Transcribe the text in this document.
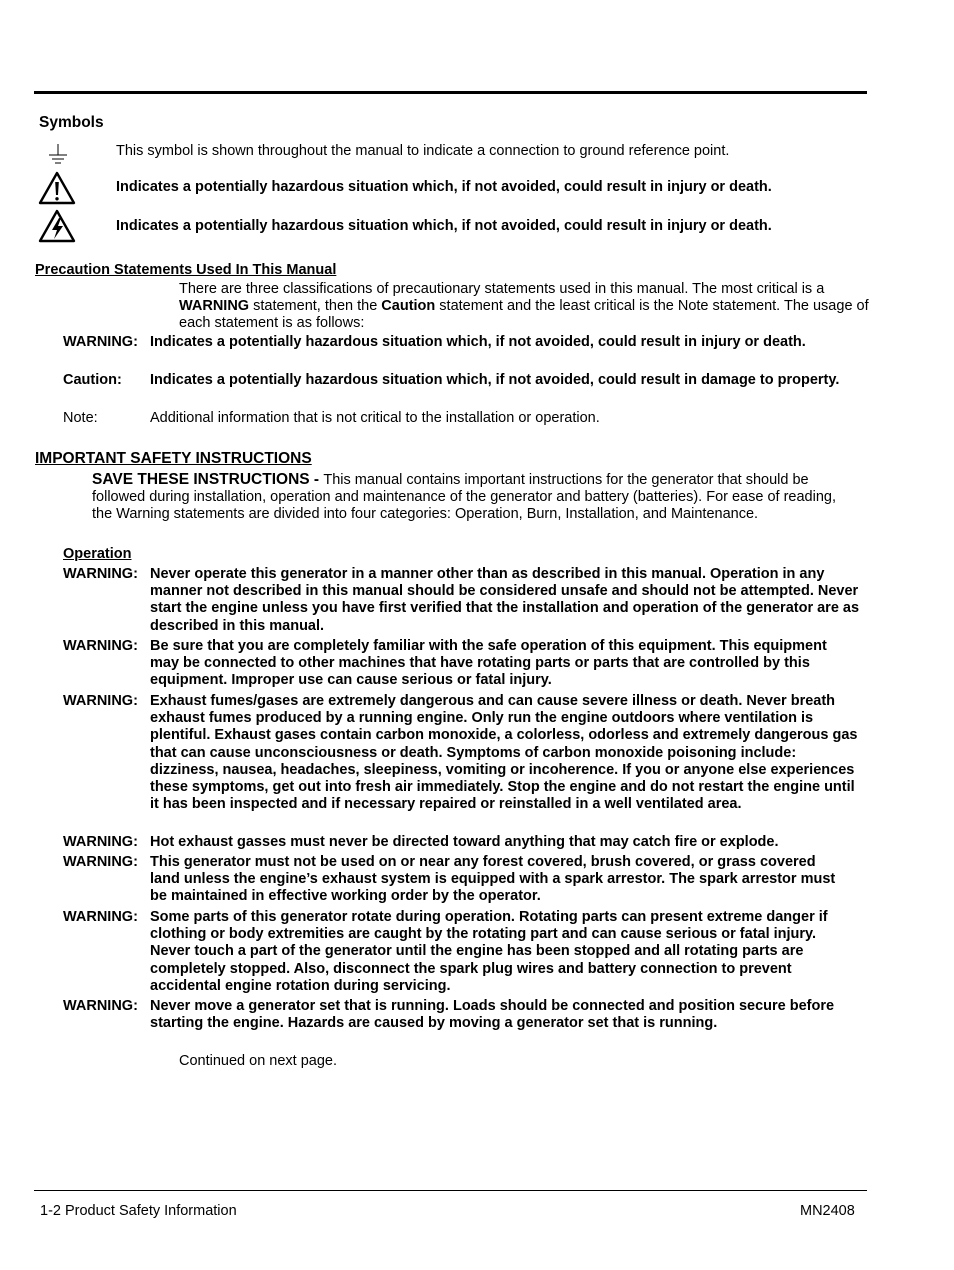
Symbols
This symbol is shown throughout the manual to indicate a connection to ground reference point.
Indicates a potentially hazardous situation which, if not avoided, could result in injury or death.
Indicates a potentially hazardous situation which, if not avoided, could result in injury or death.
Precaution Statements Used In This Manual
There are three classifications of precautionary statements used in this manual. The most critical is a WARNING statement, then the Caution statement and the least critical is the Note statement. The usage of each statement is as follows:
WARNING: Indicates a potentially hazardous situation which, if not avoided, could result in injury or death.
Caution: Indicates a potentially hazardous situation which, if not avoided, could result in damage to property.
Note:	Additional information that is not critical to the installation or operation.
IMPORTANT SAFETY INSTRUCTIONS
SAVE THESE INSTRUCTIONS - This manual contains important instructions for the generator that should be followed during installation, operation and maintenance of the generator and battery (batteries). For ease of reading, the Warning statements are divided into four categories: Operation, Burn, Installation, and Maintenance.
Operation
WARNING: Never operate this generator in a manner other than as described in this manual. Operation in any manner not described in this manual should be considered unsafe and should not be attempted. Never start the engine unless you have first verified that the installation and operation of the generator are as described in this manual.
WARNING: Be sure that you are completely familiar with the safe operation of this equipment. This equipment may be connected to other machines that have rotating parts or parts that are controlled by this equipment. Improper use can cause serious or fatal injury.
WARNING: Exhaust fumes/gases are extremely dangerous and can cause severe illness or death. Never breath exhaust fumes produced by a running engine. Only run the engine outdoors where ventilation is plentiful. Exhaust gases contain carbon monoxide, a colorless, odorless and extremely dangerous gas that can cause unconsciousness or death. Symptoms of carbon monoxide poisoning include: dizziness, nausea, headaches, sleepiness, vomiting or incoherence. If you or anyone else experiences these symptoms, get out into fresh air immediately. Stop the engine and do not restart the engine until it has been inspected and if necessary repaired or reinstalled in a well ventilated area.
WARNING: Hot exhaust gasses must never be directed toward anything that may catch fire or explode.
WARNING: This generator must not be used on or near any forest covered, brush covered, or grass covered land unless the engine’s exhaust system is equipped with a spark arrestor. The spark arrestor must be maintained in effective working order by the operator.
WARNING: Some parts of this generator rotate during operation. Rotating parts can present extreme danger if clothing or body extremities are caught by the rotating part and can cause serious or fatal injury. Never touch a part of the generator until the engine has been stopped and all rotating parts are completely stopped. Also, disconnect the spark plug wires and battery connection to prevent accidental engine rotation during servicing.
WARNING: Never move a generator set that is running. Loads should be connected and position secure before starting the engine. Hazards are caused by moving a generator set that is running.
Continued on next page.
1-2 Product Safety Information	MN2408
